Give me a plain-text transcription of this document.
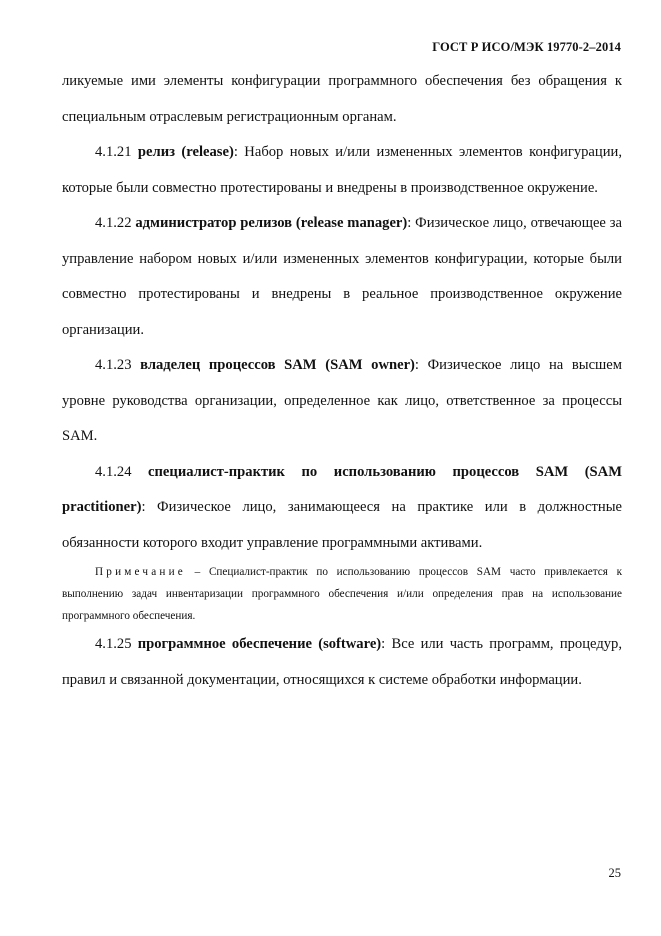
ГОСТ Р ИСО/МЭК 19770-2–2014

ликуемые ими элементы конфигурации программного обеспечения без обращения к специальным отраслевым регистрационным органам.

4.1.21 релиз (release): Набор новых и/или измененных элементов конфигурации, которые были совместно протестированы и внедрены в производственное окружение.

4.1.22 администратор релизов (release manager): Физическое лицо, отвечающее за управление набором новых и/или измененных элементов конфигурации, которые были совместно протестированы и внедрены в реальное производственное окружение организации.

4.1.23 владелец процессов SAM (SAM owner): Физическое лицо на высшем уровне руководства организации, определенное как лицо, ответственное за процессы SAM.

4.1.24 специалист-практик по использованию процессов SAM (SAM practitioner): Физическое лицо, занимающееся на практике или в должностные обязанности которого входит управление программными активами.

Примечание – Специалист-практик по использованию процессов SAM часто привлекается к выполнению задач инвентаризации программного обеспечения и/или определения прав на использование программного обеспечения.

4.1.25 программное обеспечение (software): Все или часть программ, процедур, правил и связанной документации, относящихся к системе обработки информации.

25
